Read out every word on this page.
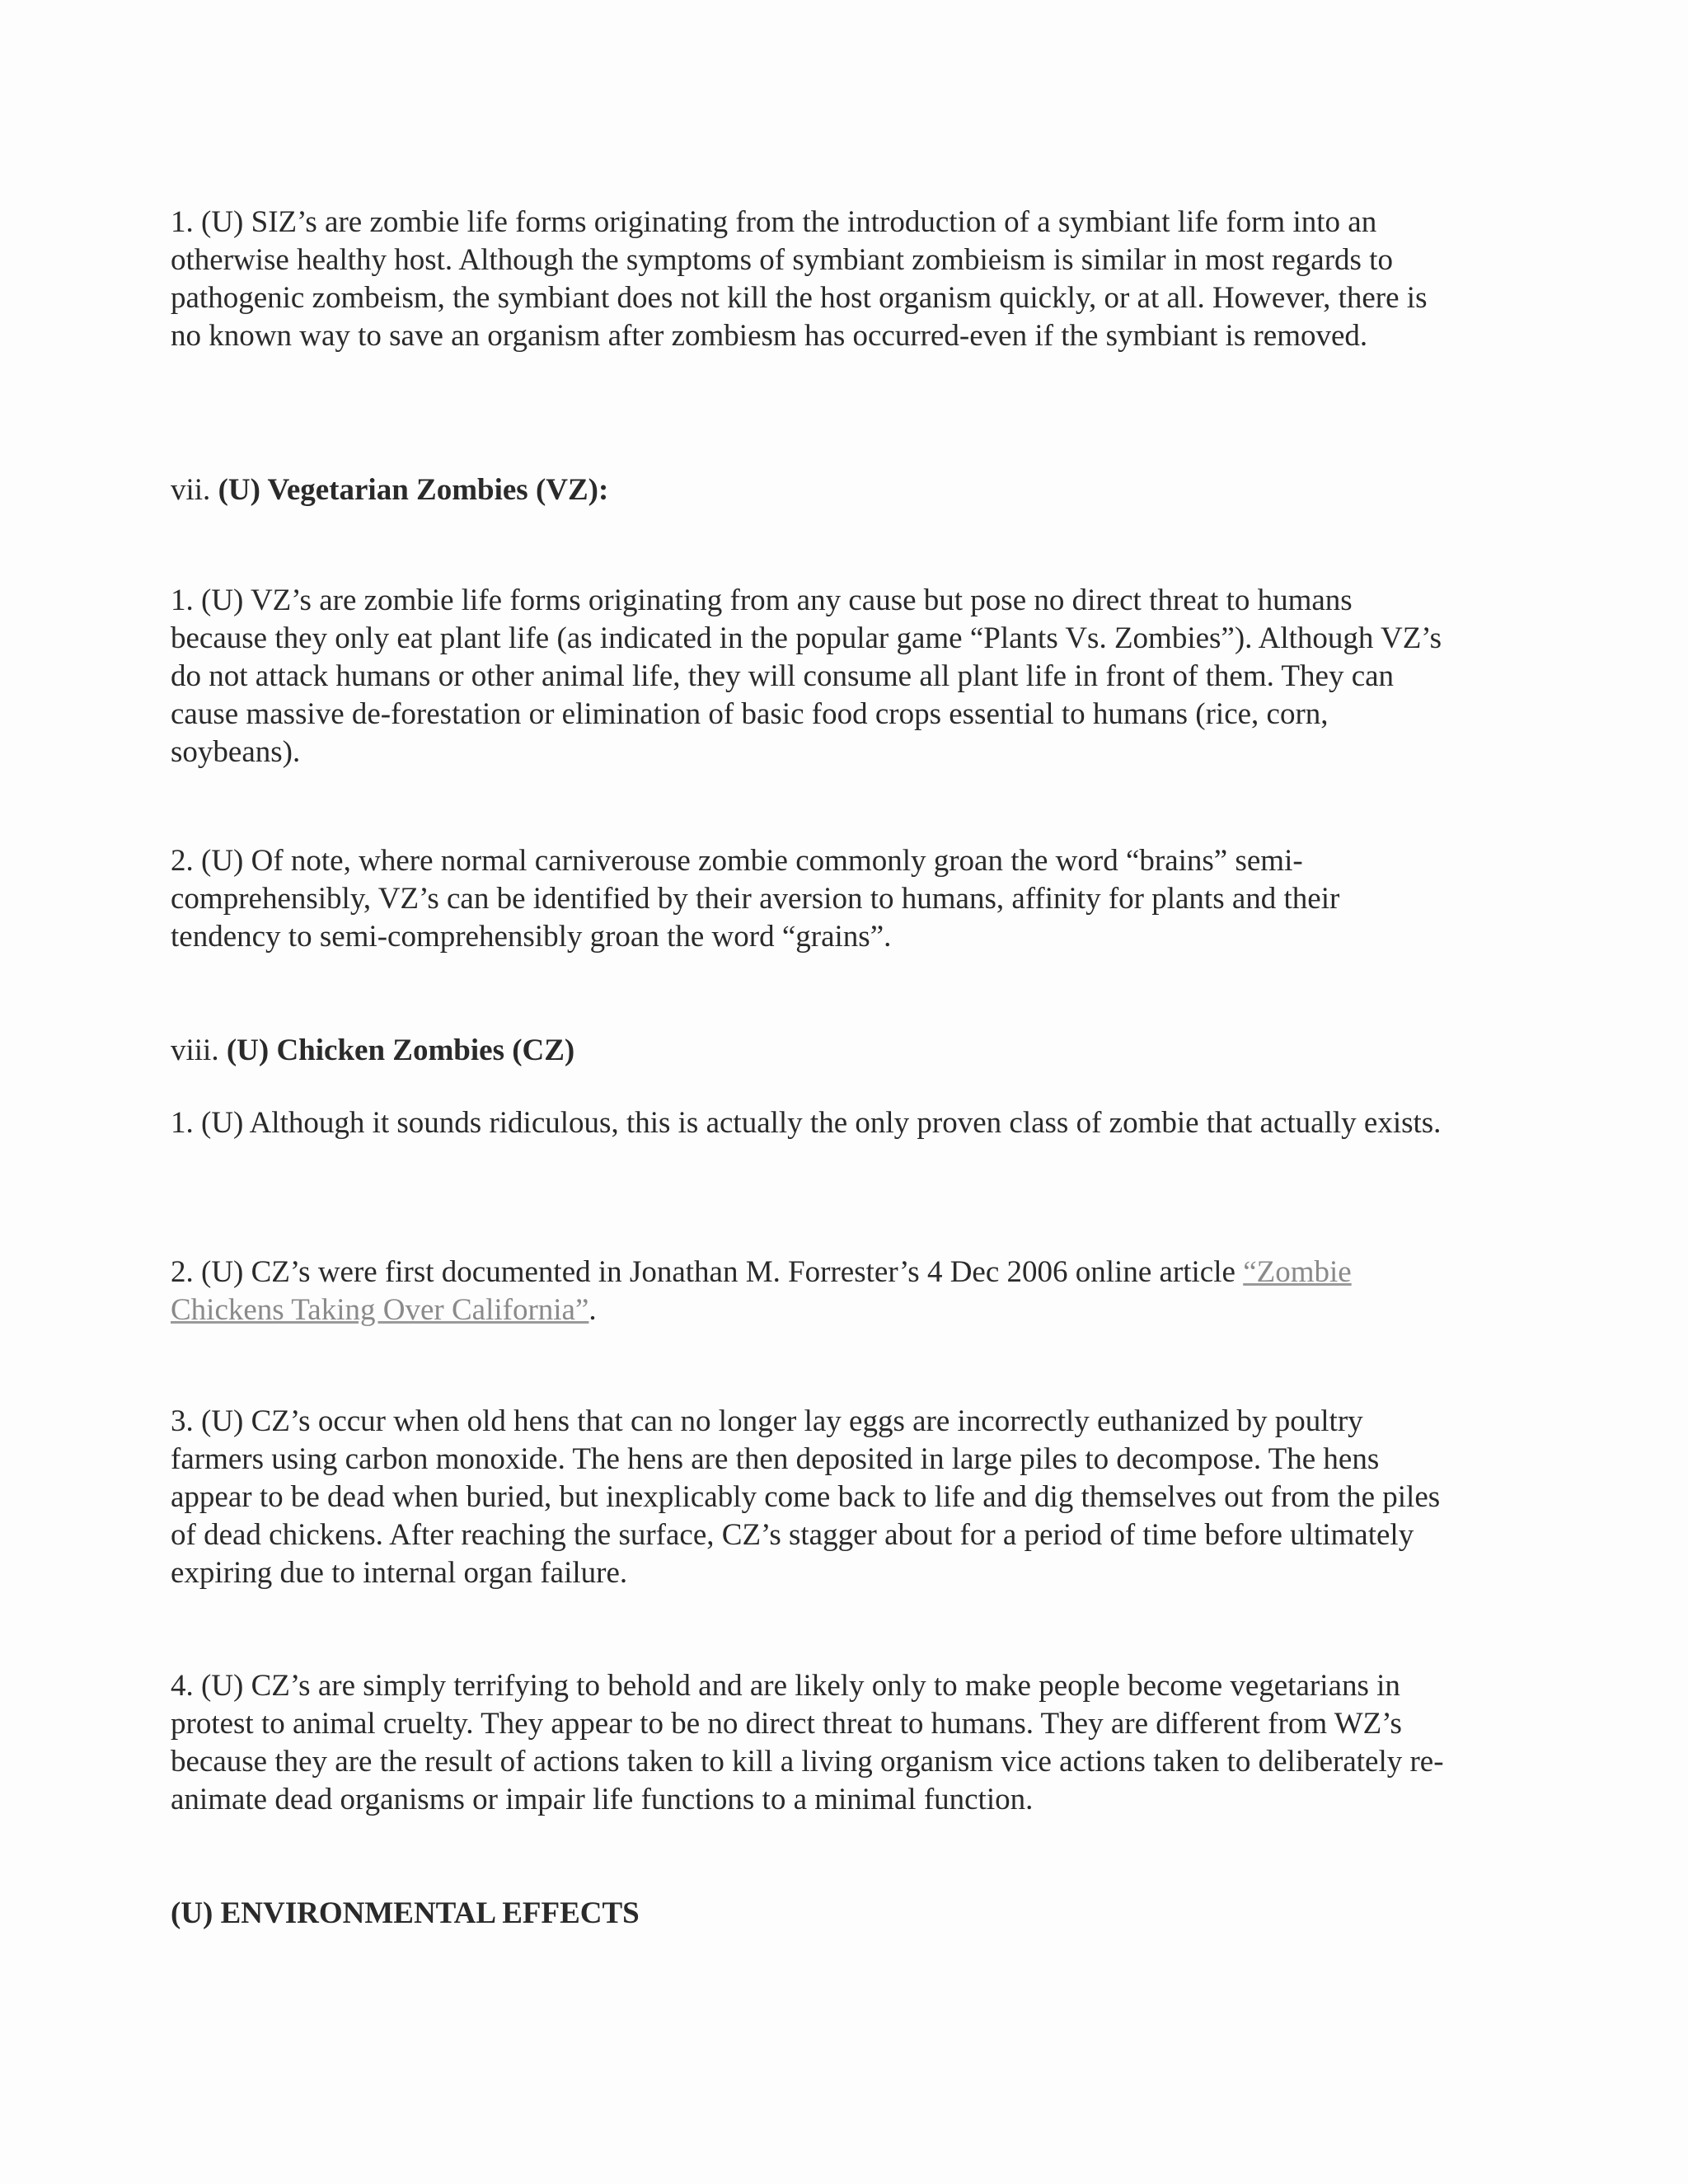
1. (U) SIZ’s are zombie life forms originating from the introduction of a symbiant life form into an otherwise healthy host. Although the symptoms of symbiant zombieism is similar in most regards to pathogenic zombeism, the symbiant does not kill the host organism quickly, or at all. However, there is no known way to save an organism after zombiesm has occurred-even if the symbiant is removed.

vii. (U) Vegetarian Zombies (VZ):

1. (U) VZ’s are zombie life forms originating from any cause but pose no direct threat to humans because they only eat plant life (as indicated in the popular game “Plants Vs. Zombies”). Although VZ’s do not attack humans or other animal life, they will consume all plant life in front of them. They can cause massive de-forestation or elimination of basic food crops essential to humans (rice, corn, soybeans).

2. (U) Of note, where normal carniverouse zombie commonly groan the word “brains” semi-comprehensibly, VZ’s can be identified by their aversion to humans, affinity for plants and their tendency to semi-comprehensibly groan the word “grains”.

viii. (U) Chicken Zombies (CZ)

1. (U) Although it sounds ridiculous, this is actually the only proven class of zombie that actually exists.

2. (U) CZ’s were first documented in Jonathan M. Forrester’s 4 Dec 2006 online article “Zombie Chickens Taking Over California”.

3. (U) CZ’s occur when old hens that can no longer lay eggs are incorrectly euthanized by poultry farmers using carbon monoxide. The hens are then deposited in large piles to decompose. The hens appear to be dead when buried, but inexplicably come back to life and dig themselves out from the piles of dead chickens. After reaching the surface, CZ’s stagger about for a period of time before ultimately expiring due to internal organ failure.

4. (U) CZ’s are simply terrifying to behold and are likely only to make people become vegetarians in protest to animal cruelty. They appear to be no direct threat to humans. They are different from WZ’s because they are the result of actions taken to kill a living organism vice actions taken to deliberately re-animate dead organisms or impair life functions to a minimal function.

(U) ENVIRONMENTAL EFFECTS
